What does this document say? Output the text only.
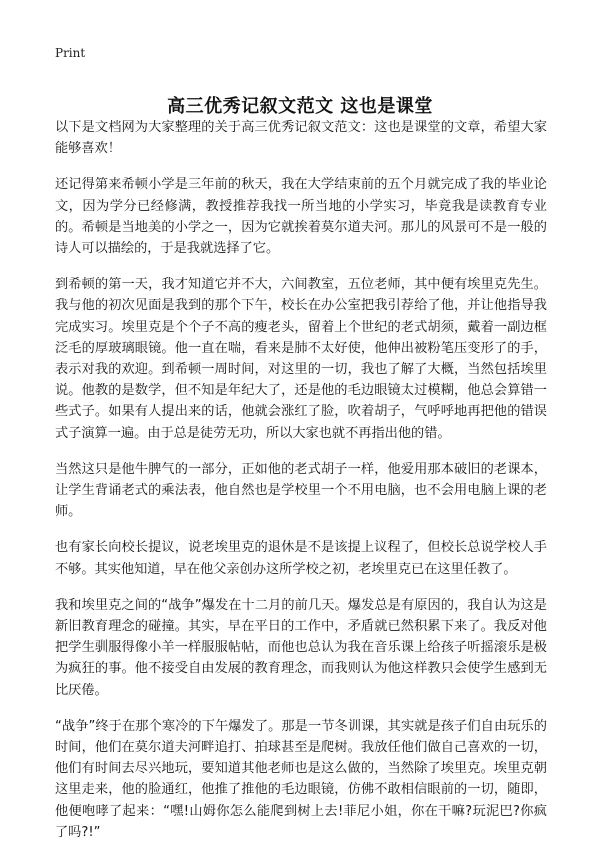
Print
高三优秀记叙文范文 这也是课堂

以下是文档网为大家整理的关于高三优秀记叙文范文：这也是课堂的文章，希望大家能够喜欢！

还记得第来希顿小学是三年前的秋天，我在大学结束前的五个月就完成了我的毕业论文，因为学分已经修满，教授推荐我找一所当地的小学实习，毕竟我是读教育专业的。希顿是当地美的小学之一，因为它就挨着莫尔道夫河。那儿的风景可不是一般的诗人可以描绘的，于是我就选择了它。

到希顿的第一天，我才知道它并不大，六间教室，五位老师，其中便有埃里克先生。我与他的初次见面是我到的那个下午，校长在办公室把我引荐给了他，并让他指导我完成实习。埃里克是个个子不高的瘦老头，留着上个世纪的老式胡须，戴着一副边框泛毛的厚玻璃眼镜。他一直在喘，看来是肺不太好使，他伸出被粉笔压变形了的手，表示对我的欢迎。到希顿一周时间，对这里的一切，我也了解了大概，当然包括埃里说。他教的是数学，但不知是年纪大了，还是他的毛边眼镜太过模糊，他总会算错一些式子。如果有人提出来的话，他就会涨红了脸，吹着胡子，气呼呼地再把他的错误式子演算一遍。由于总是徒劳无功，所以大家也就不再指出他的错。

当然这只是他牛脾气的一部分，正如他的老式胡子一样，他爱用那本破旧的老课本，让学生背诵老式的乘法表，他自然也是学校里一个不用电脑，也不会用电脑上课的老师。

也有家长向校长提议，说老埃里克的退休是不是该提上议程了，但校长总说学校人手不够。其实他知道，早在他父亲创办这所学校之初，老埃里克已在这里任教了。

我和埃里克之间的“战争”爆发在十二月的前几天。爆发总是有原因的，我自认为这是新旧教育理念的碰撞。其实，早在平日的工作中，矛盾就已然积累下来了。我反对他把学生驯服得像小羊一样服服帖帖，而他也总认为我在音乐课上给孩子听摇滚乐是极为疯狂的事。他不接受自由发展的教育理念，而我则认为他这样教只会使学生感到无比厌倦。

“战争”终于在那个寒冷的下午爆发了。那是一节冬训课，其实就是孩子们自由玩乐的时间，他们在莫尔道夫河畔追打、拍球甚至是爬树。我放任他们做自己喜欢的一切，他们有时间去尽兴地玩，要知道其他老师也是这么做的，当然除了埃里克。埃里克朝这里走来，他的脸通红，他推了推他的毛边眼镜，仿佛不敢相信眼前的一切，随即，他便咆哮了起来：“嘿!山姆你怎么能爬到树上去!菲尼小姐，你在干嘛?玩泥巴?你疯了吗?!”
